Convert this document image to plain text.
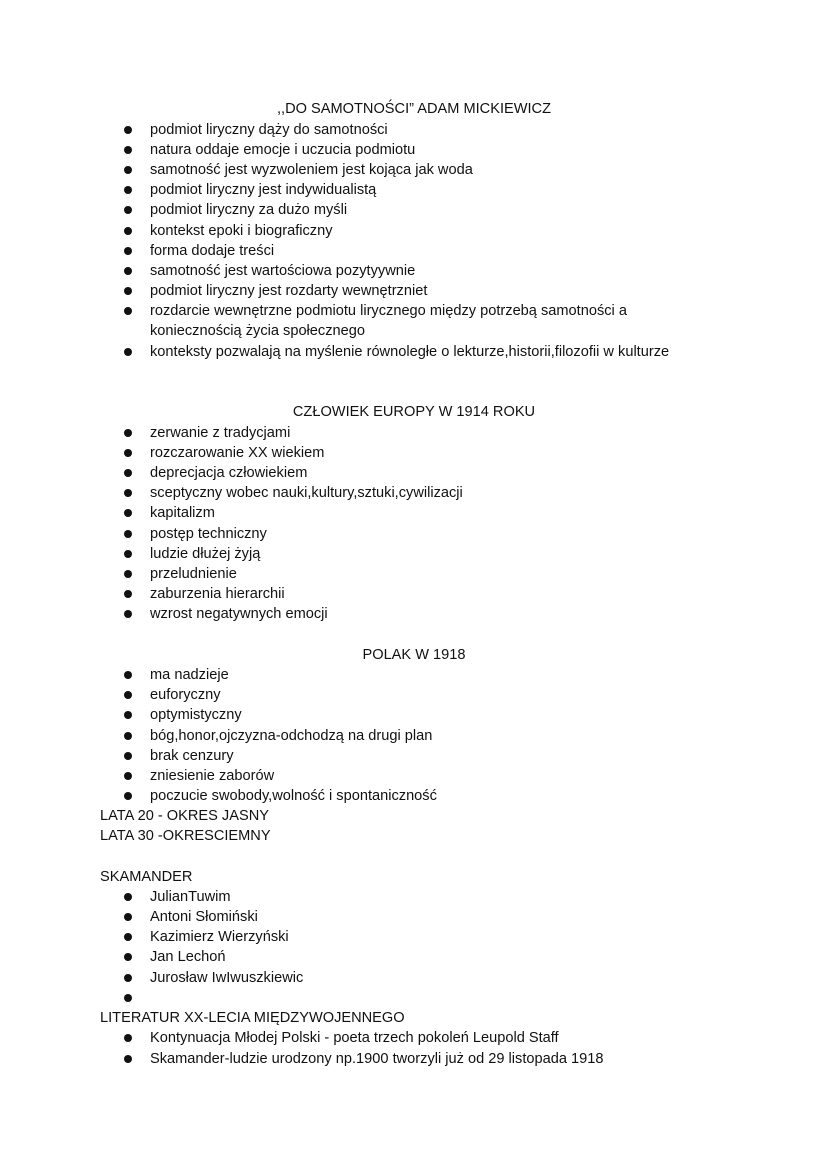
,,DO SAMOTNOŚCI” ADAM MICKIEWICZ
podmiot liryczny dąży do samotności
natura oddaje emocje i uczucia podmiotu
samotność jest wyzwoleniem jest kojąca jak woda
podmiot liryczny jest indywidualistą
podmiot liryczny za dużo myśli
kontekst epoki i biograficzny
forma dodaje treści
samotność jest wartościowa pozytyywnie
podmiot liryczny jest rozdarty wewnętrzniet
rozdarcie wewnętrzne podmiotu lirycznego między potrzebą samotności a
koniecznością życia społecznego
konteksty pozwalają na myślenie równoległe o lekturze,historii,filozofii w kulturze
CZŁOWIEK EUROPY W 1914 ROKU
zerwanie z tradycjami
rozczarowanie XX wiekiem
deprecjacja człowiekiem
sceptyczny wobec nauki,kultury,sztuki,cywilizacji
kapitalizm
postęp techniczny
ludzie dłużej żyją
przeludnienie
zaburzenia hierarchii
wzrost negatywnych emocji
POLAK W 1918
ma nadzieje
euforyczny
optymistyczny
bóg,honor,ojczyzna-odchodzą na drugi plan
brak cenzury
zniesienie zaborów
poczucie swobody,wolność i spontaniczność
LATA 20 - OKRES JASNY
LATA 30 -OKRESCIEMNY
SKAMANDER
JulianTuwim
Antoni Słomiński
Kazimierz Wierzyński
Jan Lechoń
Jurosław IwIwuszkiewic
LITERATUR XX-LECIA MIĘDZYWOJENNEGO
Kontynuacja Młodej Polski - poeta trzech pokoleń Leupold Staff
Skamander-ludzie urodzony np.1900 tworzyli już od 29 listopada 1918
